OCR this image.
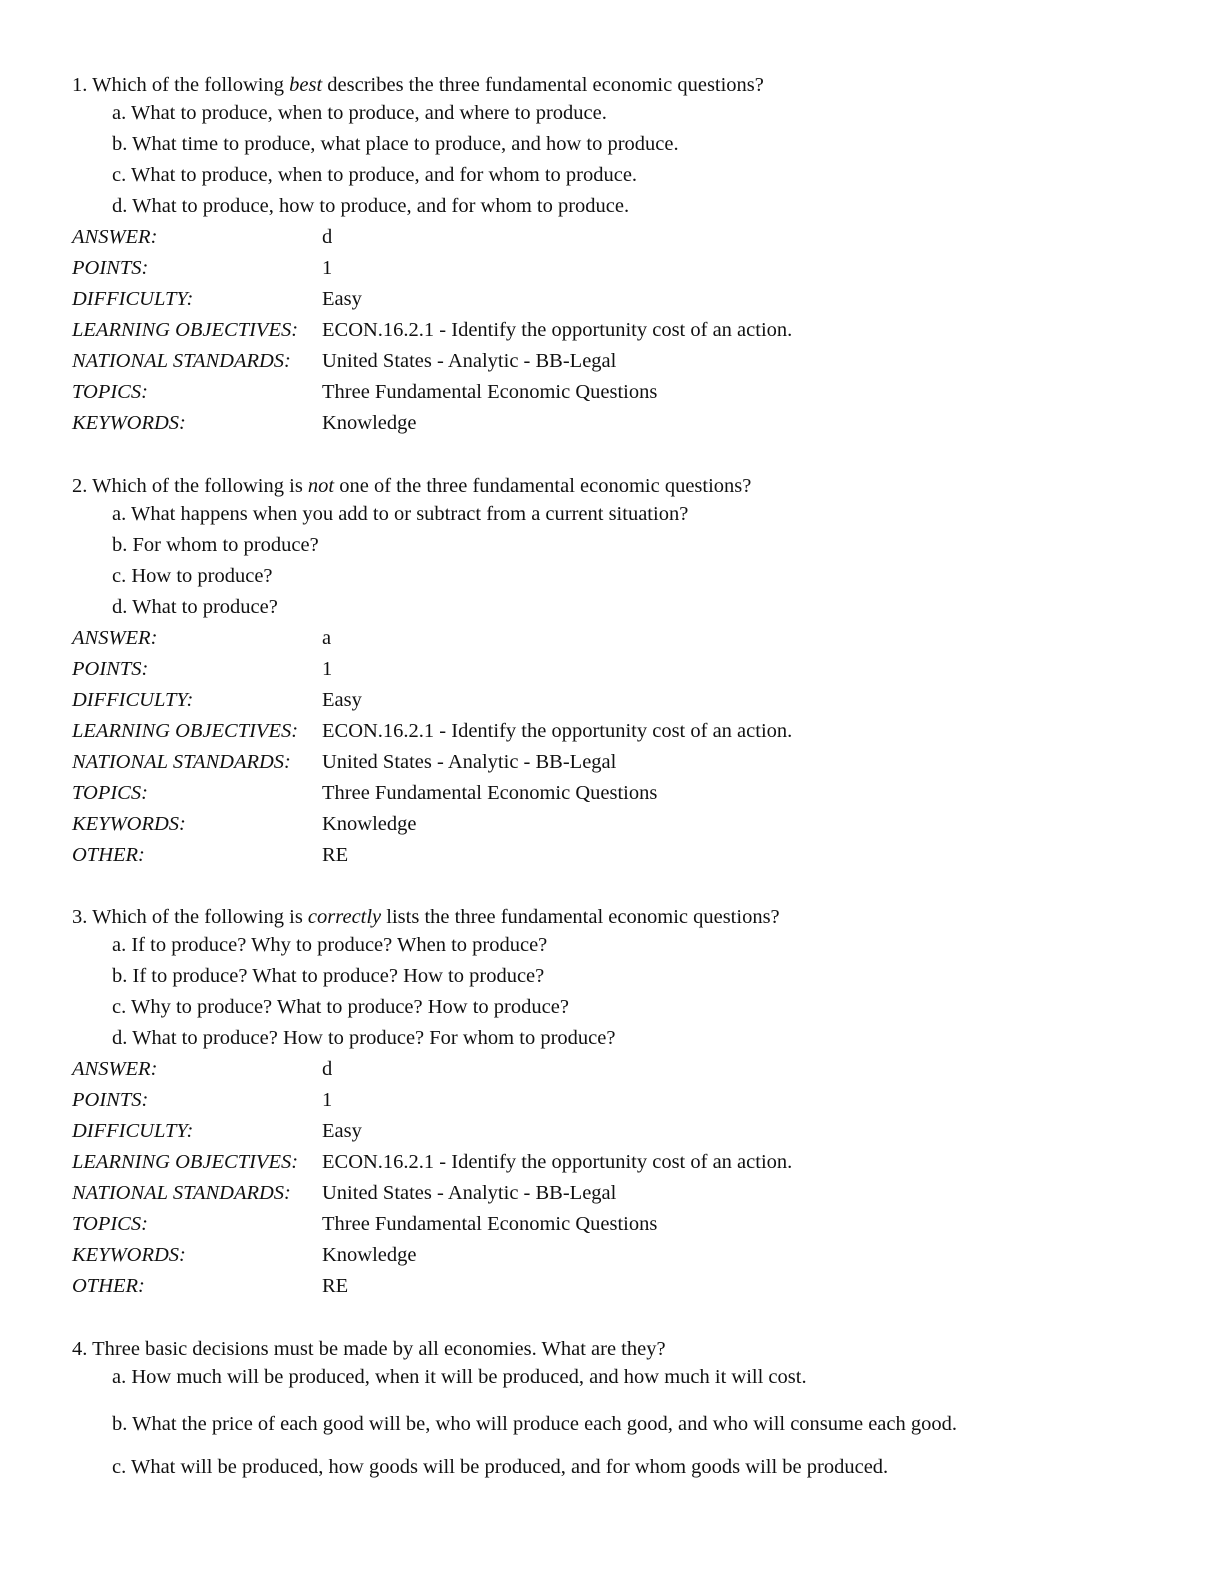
1. Which of the following best describes the three fundamental economic questions?
a. What to produce, when to produce, and where to produce.
b. What time to produce, what place to produce, and how to produce.
c. What to produce, when to produce, and for whom to produce.
d. What to produce, how to produce, and for whom to produce.
ANSWER:	d
POINTS:	1
DIFFICULTY:	Easy
LEARNING OBJECTIVES:	ECON.16.2.1 - Identify the opportunity cost of an action.
NATIONAL STANDARDS:	United States - Analytic - BB-Legal
TOPICS:	Three Fundamental Economic Questions
KEYWORDS:	Knowledge
2. Which of the following is not one of the three fundamental economic questions?
a. What happens when you add to or subtract from a current situation?
b. For whom to produce?
c. How to produce?
d. What to produce?
ANSWER:	a
POINTS:	1
DIFFICULTY:	Easy
LEARNING OBJECTIVES:	ECON.16.2.1 - Identify the opportunity cost of an action.
NATIONAL STANDARDS:	United States - Analytic - BB-Legal
TOPICS:	Three Fundamental Economic Questions
KEYWORDS:	Knowledge
OTHER:	RE
3. Which of the following is correctly lists the three fundamental economic questions?
a. If to produce? Why to produce? When to produce?
b. If to produce? What to produce? How to produce?
c. Why to produce? What to produce? How to produce?
d. What to produce? How to produce? For whom to produce?
ANSWER:	d
POINTS:	1
DIFFICULTY:	Easy
LEARNING OBJECTIVES:	ECON.16.2.1 - Identify the opportunity cost of an action.
NATIONAL STANDARDS:	United States - Analytic - BB-Legal
TOPICS:	Three Fundamental Economic Questions
KEYWORDS:	Knowledge
OTHER:	RE
4. Three basic decisions must be made by all economies. What are they?
a. How much will be produced, when it will be produced, and how much it will cost.
b. What the price of each good will be, who will produce each good, and who will consume each good.
c. What will be produced, how goods will be produced, and for whom goods will be produced.
